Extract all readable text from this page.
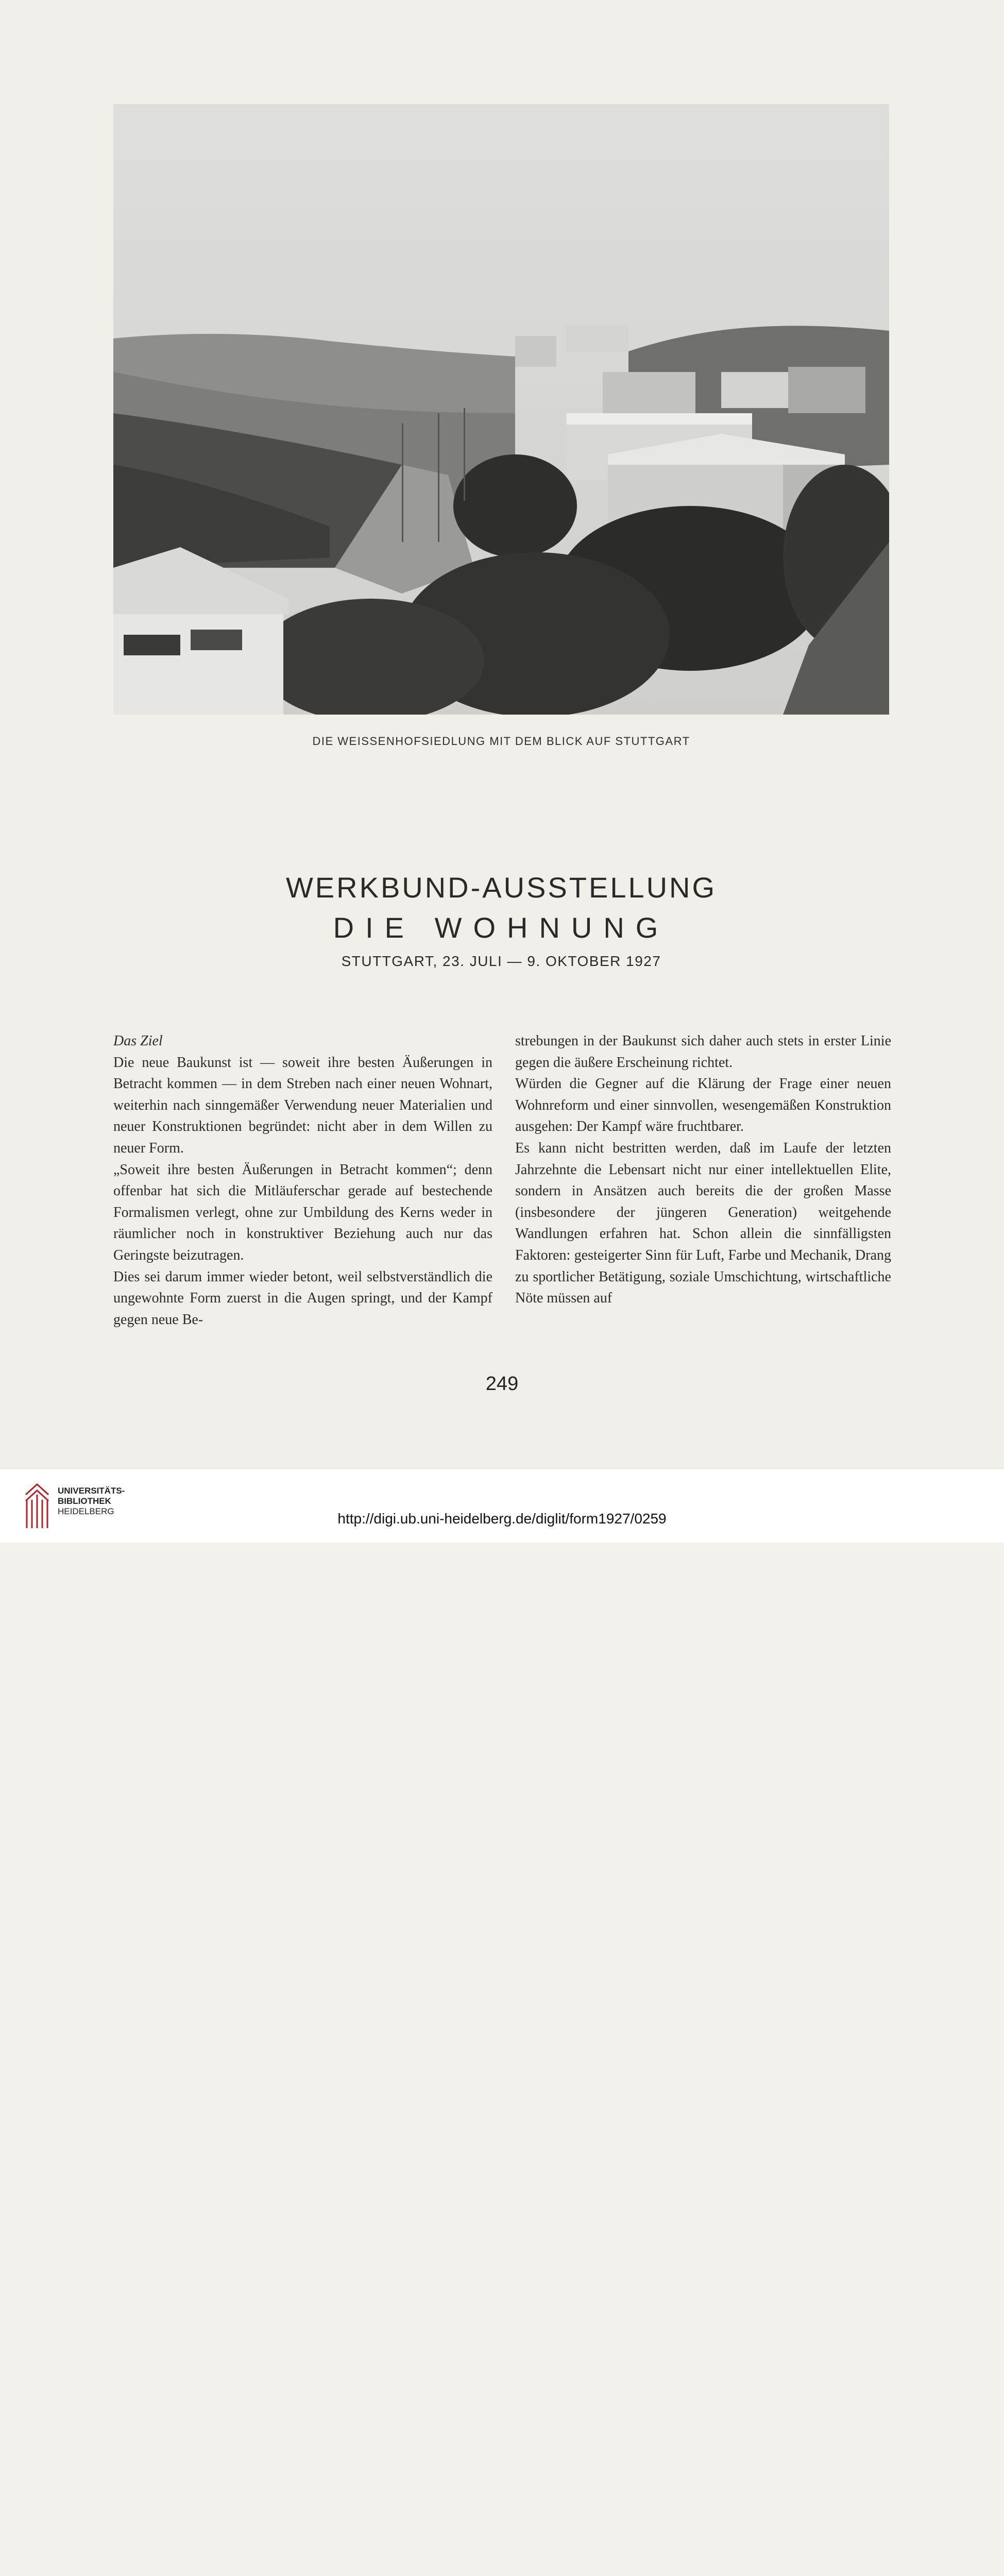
DIE WEISSENHOFSIEDLUNG MIT DEM BLICK AUF STUTTGART
WERKBUND-AUSSTELLUNG
DIE WOHNUNG
STUTTGART, 23. JULI — 9. OKTOBER 1927

Das Ziel

Die neue Baukunst ist — soweit ihre besten Äußerungen in Betracht kommen — in dem Streben nach einer neuen Wohnart, weiterhin nach sinngemäßer Verwendung neuer Materialien und neuer Konstruktionen begründet: nicht aber in dem Willen zu neuer Form.

„Soweit ihre besten Äußerungen in Betracht kommen“; denn offenbar hat sich die Mitläuferschar gerade auf bestechende Formalismen verlegt, ohne zur Umbildung des Kerns weder in räumlicher noch in konstruktiver Beziehung auch nur das Geringste beizutragen.

Dies sei darum immer wieder betont, weil selbstverständlich die ungewohnte Form zuerst in die Augen springt, und der Kampf gegen neue Be-

strebungen in der Baukunst sich daher auch stets in erster Linie gegen die äußere Erscheinung richtet.

Würden die Gegner auf die Klärung der Frage einer neuen Wohnreform und einer sinnvollen, wesengemäßen Konstruktion ausgehen: Der Kampf wäre fruchtbarer.

Es kann nicht bestritten werden, daß im Laufe der letzten Jahrzehnte die Lebensart nicht nur einer intellektuellen Elite, sondern in Ansätzen auch bereits die der großen Masse (insbesondere der jüngeren Generation) weitgehende Wandlungen erfahren hat. Schon allein die sinnfälligsten Faktoren: gesteigerter Sinn für Luft, Farbe und Mechanik, Drang zu sportlicher Betätigung, soziale Umschichtung, wirtschaftliche Nöte müssen auf

249
UNIVERSITÄTS-
BIBLIOTHEK
HEIDELBERG	http://digi.ub.uni-heidelberg.de/diglit/form1927/0259
